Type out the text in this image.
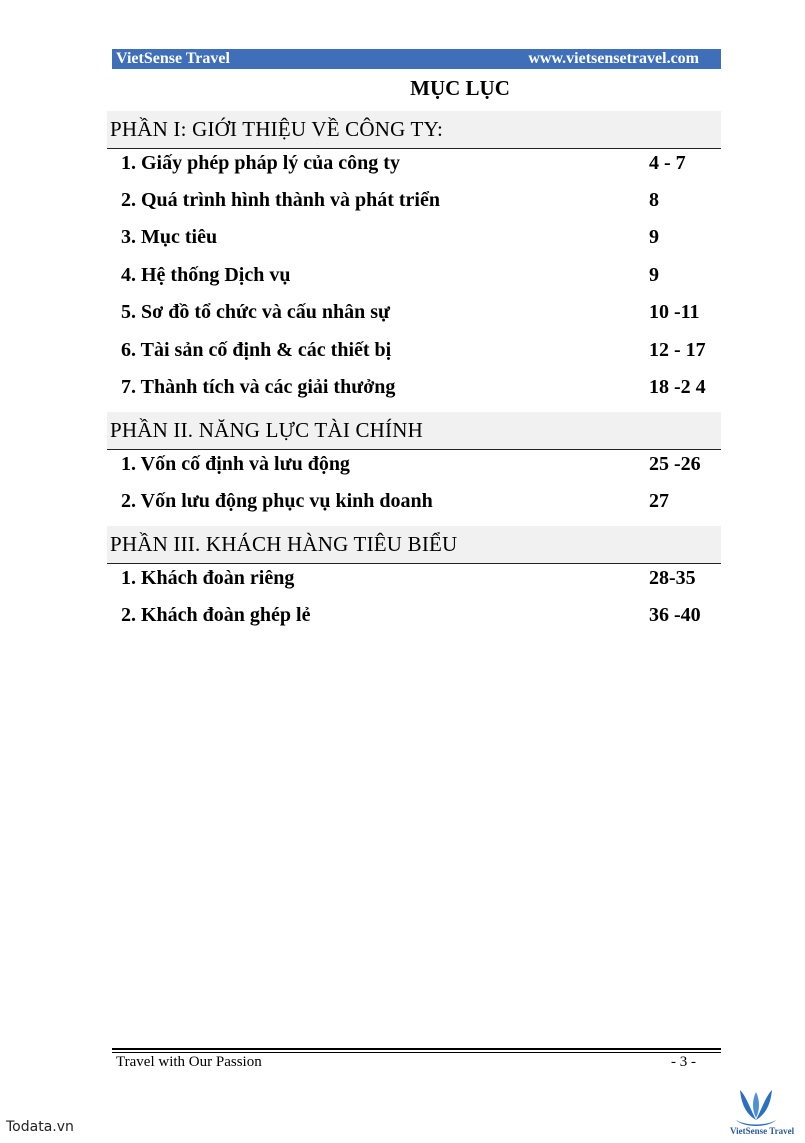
VietSense Travel	www.vietsensetravel.com
MỤC LỤC
PHẦN I: GIỚI THIỆU VỀ CÔNG TY:
1. Giấy phép pháp lý của công ty	4 - 7
2. Quá trình hình thành và phát triển	8
3. Mục tiêu	9
4. Hệ thống Dịch vụ	9
5. Sơ đồ tổ chức và cấu nhân sự	10 -11
6. Tài sản cố định & các thiết bị	12 - 17
7. Thành tích và các giải thưởng	18 -2 4
PHẦN II. NĂNG LỰC TÀI CHÍNH
1. Vốn cố định và lưu động	25 -26
2. Vốn lưu động phục vụ kinh doanh	27
PHẦN III. KHÁCH HÀNG TIÊU BIỂU
1. Khách đoàn riêng	28-35
2. Khách đoàn ghép lẻ	36 -40
Travel with Our Passion	- 3 -
Todata.vn	VietSense Travel
